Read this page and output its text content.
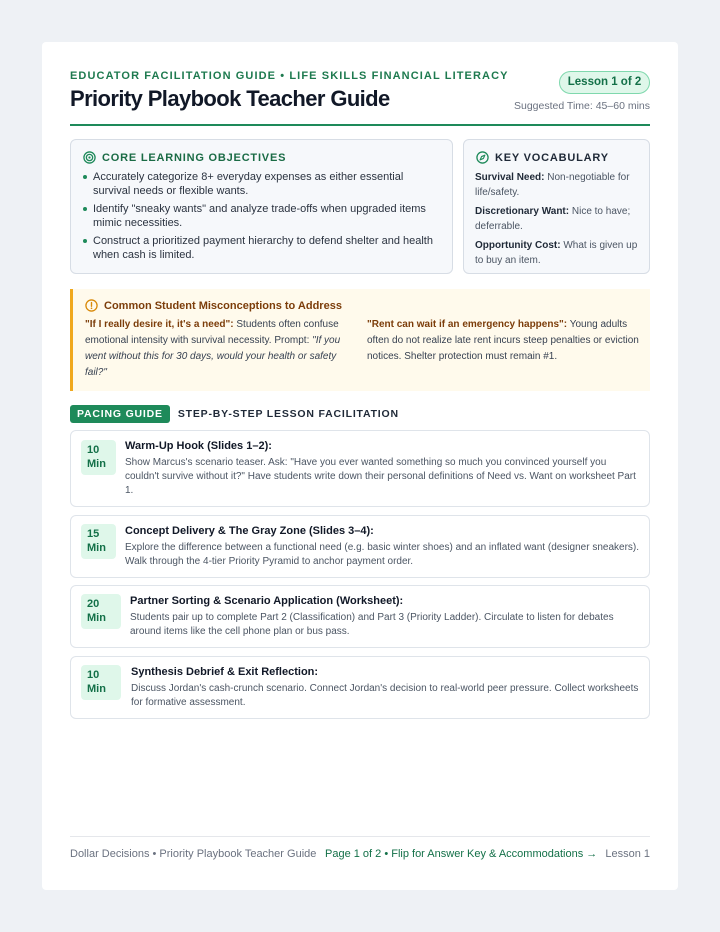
EDUCATOR FACILITATION GUIDE • LIFE SKILLS FINANCIAL LITERACY
Priority Playbook Teacher Guide
Lesson 1 of 2
Suggested Time: 45–60 mins
CORE LEARNING OBJECTIVES
Accurately categorize 8+ everyday expenses as either essential survival needs or flexible wants.
Identify "sneaky wants" and analyze trade-offs when upgraded items mimic necessities.
Construct a prioritized payment hierarchy to defend shelter and health when cash is limited.
KEY VOCABULARY
Survival Need: Non-negotiable for life/safety.
Discretionary Want: Nice to have; deferrable.
Opportunity Cost: What is given up to buy an item.
Common Student Misconceptions to Address
"If I really desire it, it's a need": Students often confuse emotional intensity with survival necessity. Prompt: "If you went without this for 30 days, would your health or safety fail?"
"Rent can wait if an emergency happens": Young adults often do not realize late rent incurs steep penalties or eviction notices. Shelter protection must remain #1.
PACING GUIDE	STEP-BY-STEP LESSON FACILITATION
10
Min
Warm-Up Hook (Slides 1–2):
Show Marcus's scenario teaser. Ask: "Have you ever wanted something so much you convinced yourself you couldn't survive without it?" Have students write down their personal definitions of Need vs. Want on worksheet Part 1.
15
Min
Concept Delivery & The Gray Zone (Slides 3–4):
Explore the difference between a functional need (e.g. basic winter shoes) and an inflated want (designer sneakers). Walk through the 4-tier Priority Pyramid to anchor payment order.
20
Min
Partner Sorting & Scenario Application (Worksheet):
Students pair up to complete Part 2 (Classification) and Part 3 (Priority Ladder). Circulate to listen for debates around items like the cell phone plan or bus pass.
10
Min
Synthesis Debrief & Exit Reflection:
Discuss Jordan's cash-crunch scenario. Connect Jordan's decision to real-world peer pressure. Collect worksheets for formative assessment.
Dollar Decisions • Priority Playbook Teacher Guide Page 1 of 2 • Flip for Answer Key & Accommodations → Lesson 1
